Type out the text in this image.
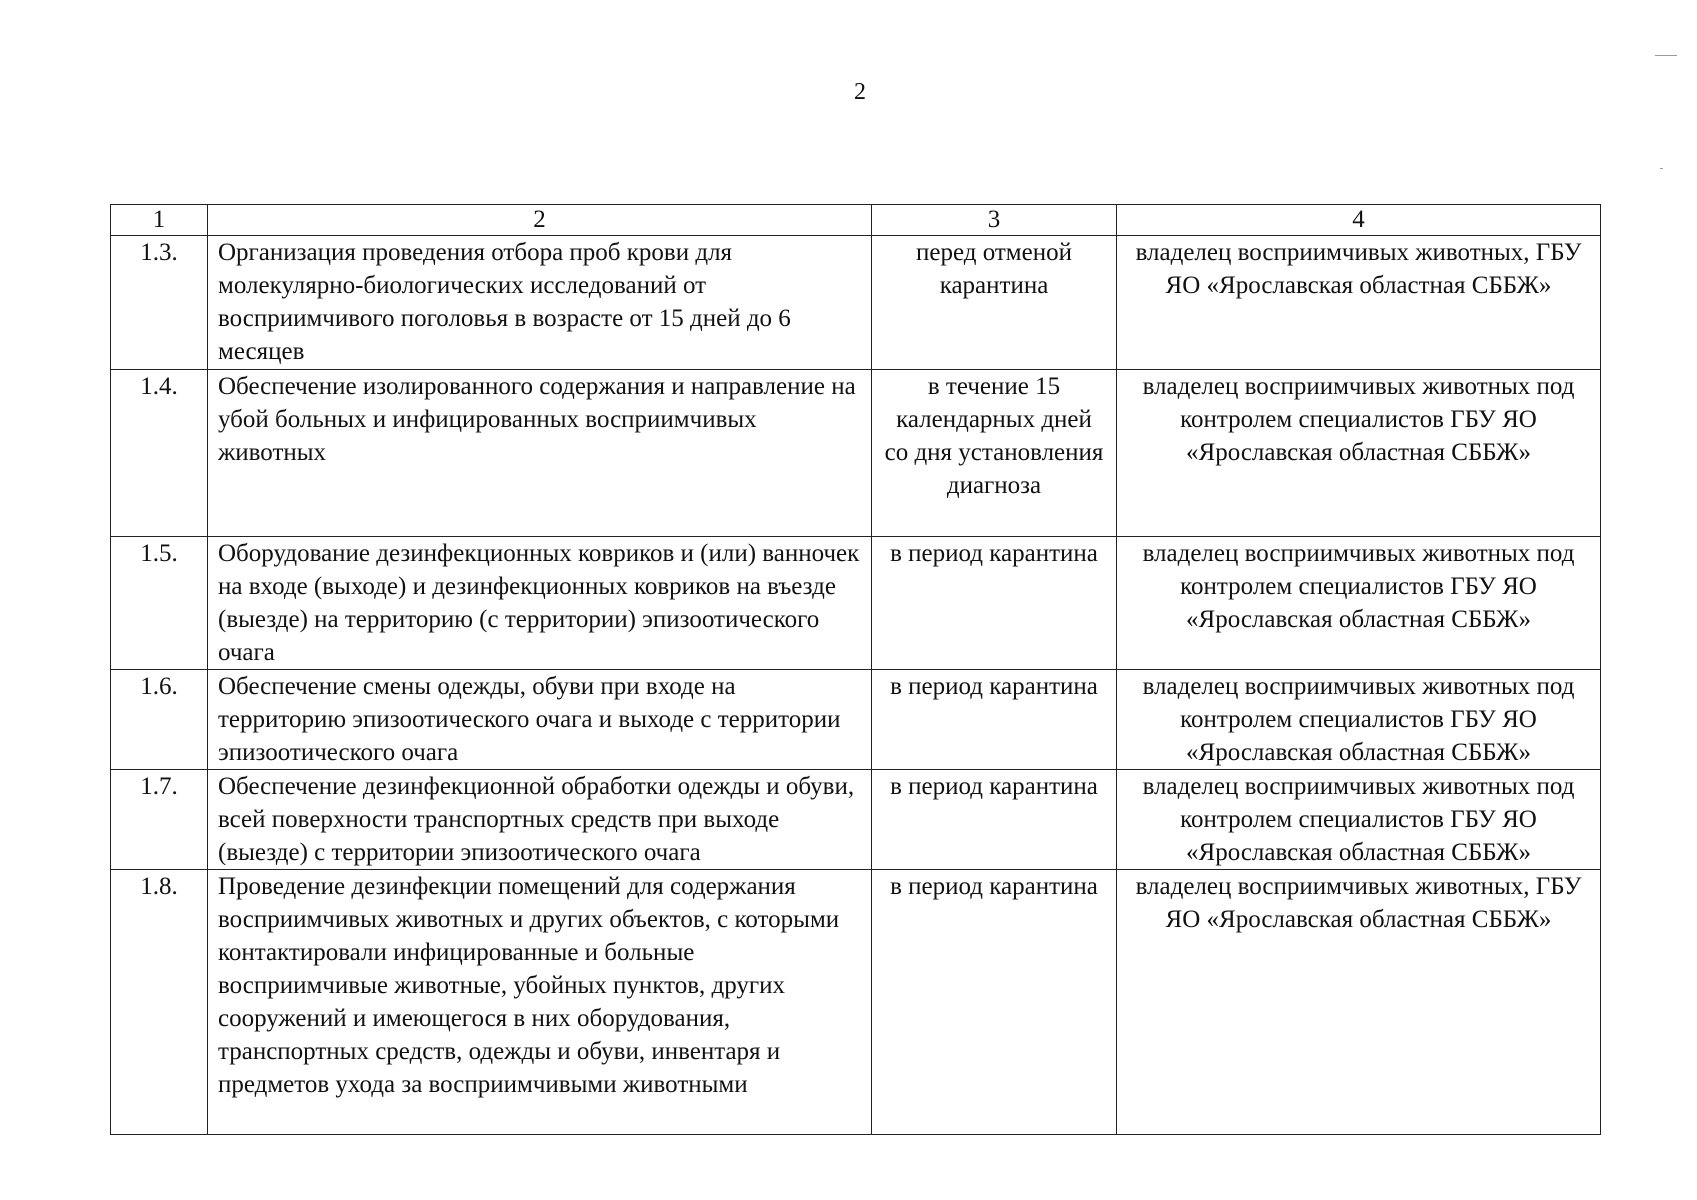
2
1	2	3	4
1.3.	Организация проведения отбора проб крови для молекулярно-биологических исследований от восприимчивого поголовья в возрасте от 15 дней до 6 месяцев	перед отменой карантина	владелец восприимчивых животных, ГБУ ЯО «Ярославская областная СББЖ»
1.4.	Обеспечение изолированного содержания и направление на убой больных и инфицированных восприимчивых животных	в течение 15 календарных дней со дня установления диагноза	владелец восприимчивых животных под контролем специалистов ГБУ ЯО «Ярославская областная СББЖ»
1.5.	Оборудование дезинфекционных ковриков и (или) ванночек на входе (выходе) и дезинфекционных ковриков на въезде (выезде) на территорию (с территории) эпизоотического очага	в период карантина	владелец восприимчивых животных под контролем специалистов ГБУ ЯО «Ярославская областная СББЖ»
1.6.	Обеспечение смены одежды, обуви при входе на территорию эпизоотического очага и выходе с территории эпизоотического очага	в период карантина	владелец восприимчивых животных под контролем специалистов ГБУ ЯО «Ярославская областная СББЖ»
1.7.	Обеспечение дезинфекционной обработки одежды и обуви, всей поверхности транспортных средств при выходе (выезде) с территории эпизоотического очага	в период карантина	владелец восприимчивых животных под контролем специалистов ГБУ ЯО «Ярославская областная СББЖ»
1.8.	Проведение дезинфекции помещений для содержания восприимчивых животных и других объектов, с которыми контактировали инфицированные и больные восприимчивые животные, убойных пунктов, других сооружений и имеющегося в них оборудования, транспортных средств, одежды и обуви, инвентаря и предметов ухода за восприимчивыми животными	в период карантина	владелец восприимчивых животных, ГБУ ЯО «Ярославская областная СББЖ»
